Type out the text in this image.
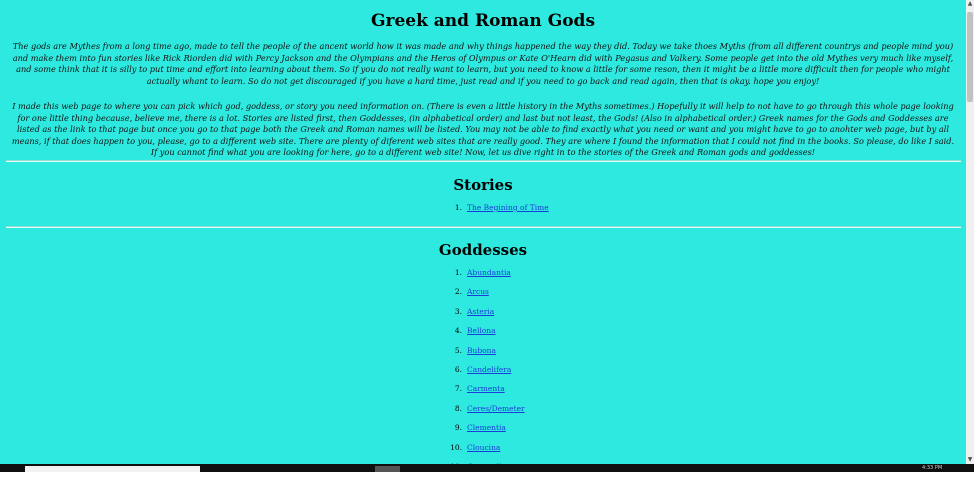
Greek and Roman Gods

The gods are Mythes from a long time ago, made to tell the people of the ancent world how it was made and why things happened the way they did. Today we take thoes Myths (from all different countrys and people mind you) and make them into fun stories like Rick Riorden did with Percy Jackson and the Olympians and the Heros of Olympus or Kate O'Hearn did with Pegasus and Valkery. Some people get into the old Mythes very much like myself, and some think that it is silly to put time and effort into learning about them. So if you do not really want to learn, but you need to know a little for some reson, then it might be a little more difficult then for people who might actually whant to learn. So do not get discouraged if you have a hard time, just read and if you need to go back and read again, then that is okay. hope you enjoy!

I made this web page to where you can pick which god, goddess, or story you need information on. (There is even a little history in the Myths sometimes.) Hopefully it will help to not have to go through this whole page looking for one little thing because, believe me, there is a lot. Stories are listed first, then Goddesses, (in alphabetical order) and last but not least, the Gods! (Also in alphabetical order.) Greek names for the Gods and Goddesses are listed as the link to that page but once you go to that page both the Greek and Roman names will be listed. You may not be able to find exactly what you need or want and you might have to go to anohter web page, but by all means, if that does happen to you, please, go to a different web site. There are plenty of diferent web sites that are really good. They are where I found the information that I could not find in the books. So please, do like I said. If you cannot find what you are looking for here, go to a different web site! Now, let us dive right in to the stories of the Greek and Roman gods and goddesses!

Stories
1. The Begining of Time
Goddesses
1. Abundantia
2. Arcus
3. Asteria
4. Bellona
5. Bubona
6. Candelifera
7. Carmenta
8. Ceres/Demeter
9. Clementia
10. Cloucina
▲
▼
4:33 PM
